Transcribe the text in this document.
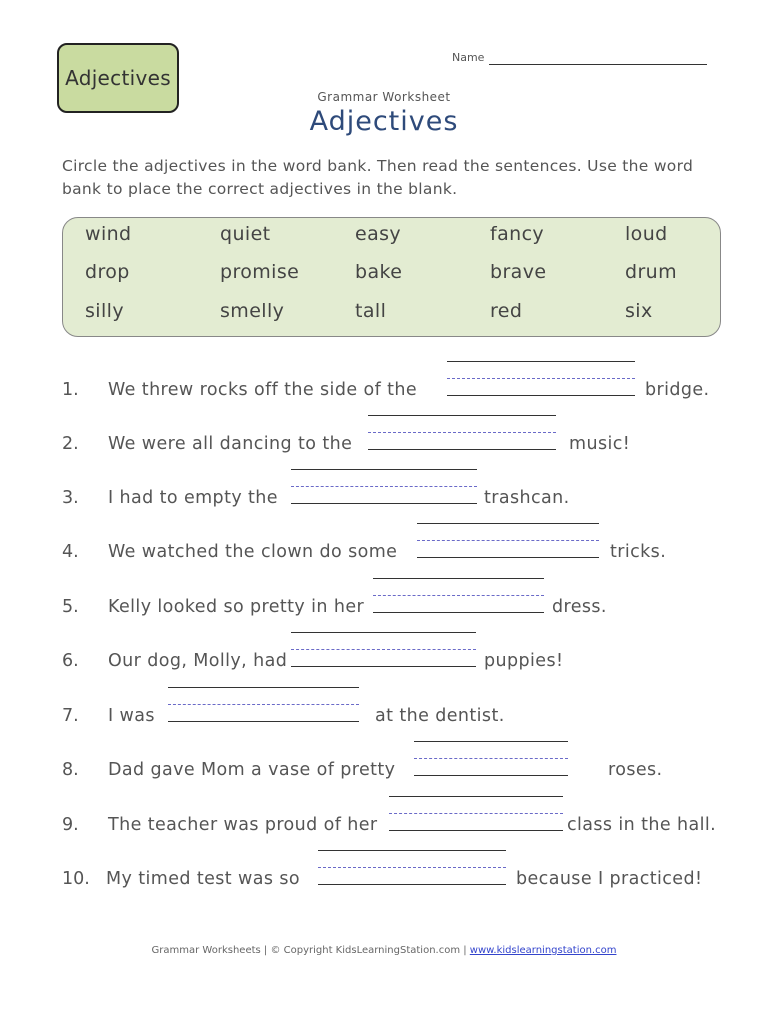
Adjectives
Name
Grammar Worksheet
Adjectives
Circle the adjectives in the word bank. Then read the sentences. Use the word bank to place the correct adjectives in the blank.
wind	quiet	easy	fancy	loud
drop	promise	bake	brave	drum
silly	smelly	tall	red	six
1. We threw rocks off the side of the	bridge.
2. We were all dancing to the	music!
3. I had to empty the	trashcan.
4. We watched the clown do some	tricks.
5. Kelly looked so pretty in her	dress.
6. Our dog, Molly, had	puppies!
7. I was	at the dentist.
8. Dad gave Mom a vase of pretty	roses.
9. The teacher was proud of her	class in the hall.
10. My timed test was so	because I practiced!
Grammar Worksheets | © Copyright KidsLearningStation.com | www.kidslearningstation.com
